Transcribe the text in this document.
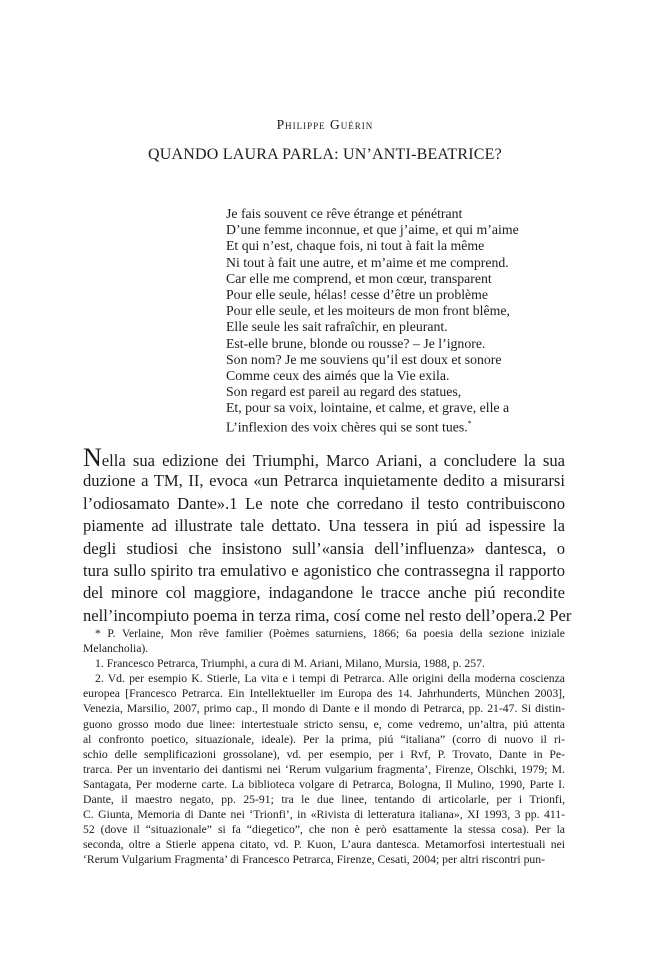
Philippe Guérin
QUANDO LAURA PARLA: UN’ANTI-BEATRICE?
Je fais souvent ce rêve étrange et pénétrant
D’une femme inconnue, et que j’aime, et qui m’aime
Et qui n’est, chaque fois, ni tout à fait la même
Ni tout à fait une autre, et m’aime et me comprend.
Car elle me comprend, et mon cœur, transparent
Pour elle seule, hélas! cesse d’être un problème
Pour elle seule, et les moiteurs de mon front blême,
Elle seule les sait rafraîchir, en pleurant.
Est-elle brune, blonde ou rousse? – Je l’ignore.
Son nom? Je me souviens qu’il est doux et sonore
Comme ceux des aimés que la Vie exila.
Son regard est pareil au regard des statues,
Et, pour sa voix, lointaine, et calme, et grave, elle a
L’inflexion des voix chères qui se sont tues.*
Nella sua edizione dei Triumphi, Marco Ariani, a concludere la sua
duzione a TM, II, evoca «un Petrarca inquietamente dedito a misurarsi
l’odiosamato Dante».1 Le note che corredano il testo contribuiscono
piamente ad illustrate tale dettato. Una tessera in piú ad ispessire la
degli studiosi che insistono sull’«ansia dell’influenza» dantesca, o
tura sullo spirito tra emulativo e agonistico che contrassegna il rapporto
del minore col maggiore, indagandone le tracce anche piú recondite
nell’incompiuto poema in terza rima, cosí come nel resto dell’opera.2 Per
* P. Verlaine, Mon rêve familier (Poèmes saturniens, 1866; 6a poesia della sezione iniziale
Melancholia).
1. Francesco Petrarca, Triumphi, a cura di M. Ariani, Milano, Mursia, 1988, p. 257.
2. Vd. per esempio K. Stierle, La vita e i tempi di Petrarca. Alle origini della moderna coscienza
europea [Francesco Petrarca. Ein Intellektueller im Europa des 14. Jahrhunderts, München 2003],
Venezia, Marsilio, 2007, primo cap., Il mondo di Dante e il mondo di Petrarca, pp. 21-47. Si distin-
guono grosso modo due linee: intertestuale stricto sensu, e, come vedremo, un’altra, piú attenta
al confronto poetico, situazionale, ideale). Per la prima, piú “italiana” (corro di nuovo il ri-
schio delle semplificazioni grossolane), vd. per esempio, per i Rvf, P. Trovato, Dante in Pe-
trarca. Per un inventario dei dantismi nei ‘Rerum vulgarium fragmenta’, Firenze, Olschki, 1979; M.
Santagata, Per moderne carte. La biblioteca volgare di Petrarca, Bologna, Il Mulino, 1990, Parte I.
Dante, il maestro negato, pp. 25-91; tra le due linee, tentando di articolarle, per i Trionfi,
C. Giunta, Memoria di Dante nei ‘Trionfi’, in «Rivista di letteratura italiana», XI 1993, 3 pp. 411-
52 (dove il “situazionale” si fa “diegetico”, che non è però esattamente la stessa cosa). Per la
seconda, oltre a Stierle appena citato, vd. P. Kuon, L’aura dantesca. Metamorfosi intertestuali nei
‘Rerum Vulgarium Fragmenta’ di Francesco Petrarca, Firenze, Cesati, 2004; per altri riscontri pun-
